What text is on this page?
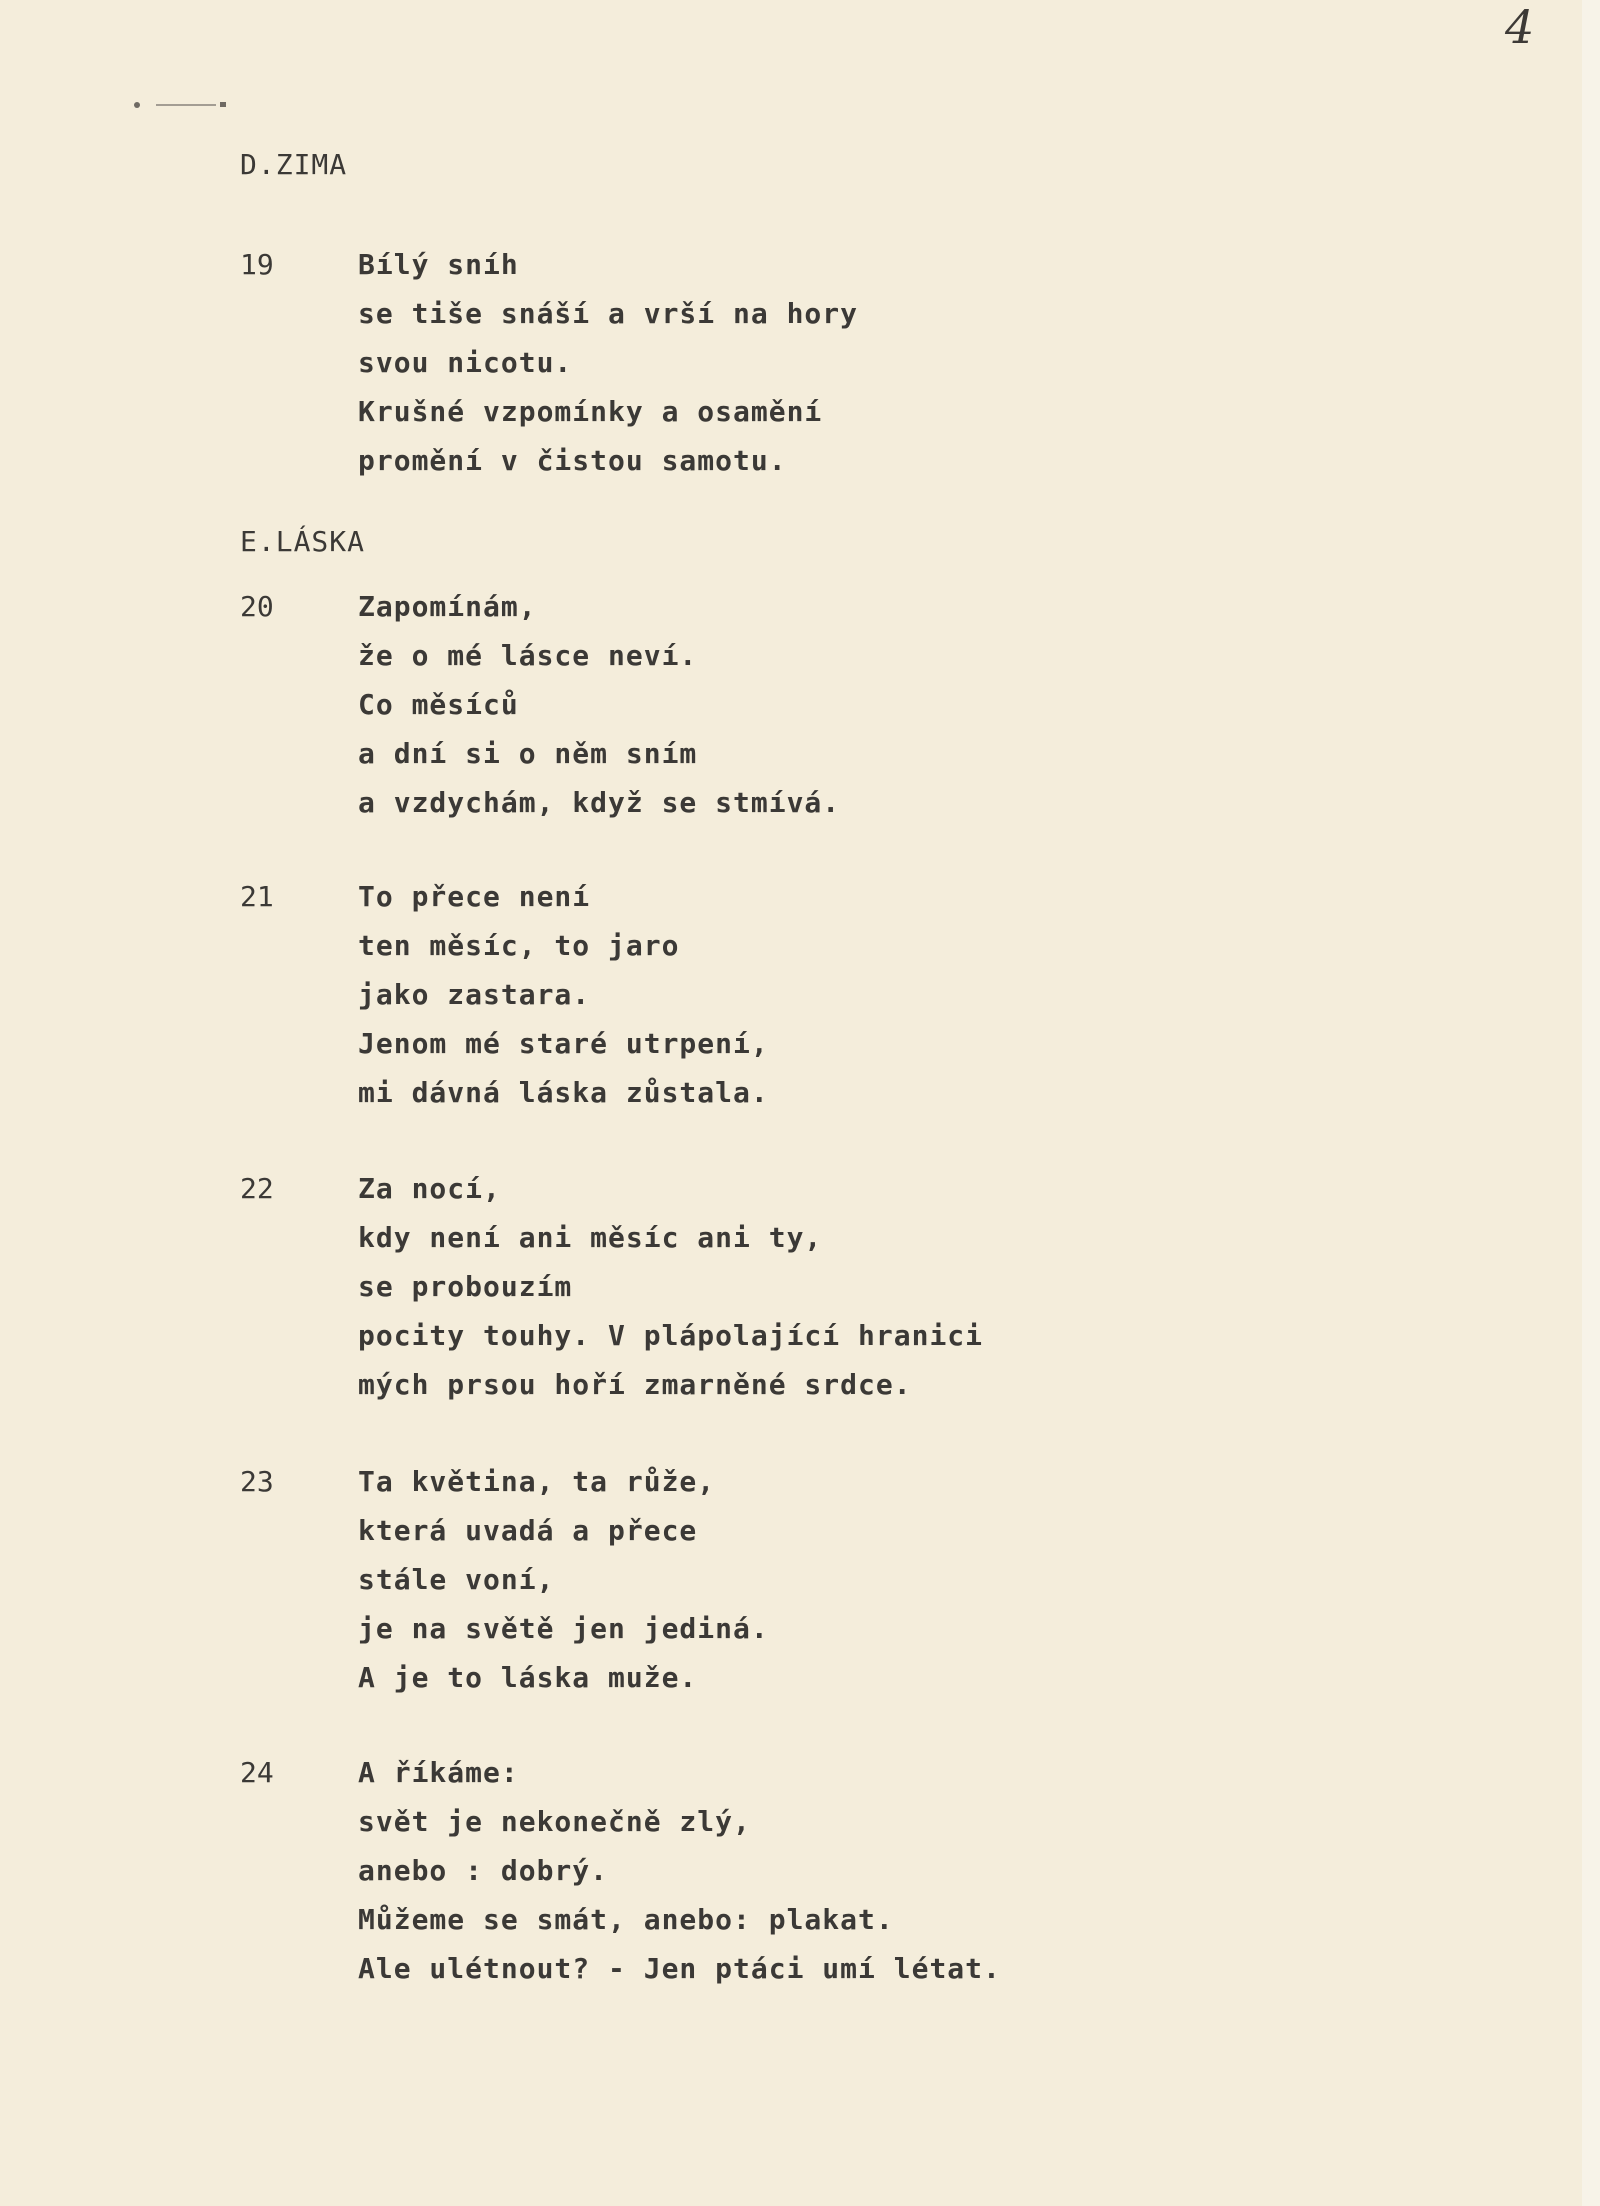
4
D.ZIMA
19	Bílý sníh
se tiše snáší a vrší na hory
svou nicotu.
Krušné vzpomínky a osamění
promění v čistou samotu.
E.LÁSKA
20	Zapomínám,
že o mé lásce neví.
Co měsíců
a dní si o něm sním
a vzdychám, když se stmívá.
21	To přece není
ten měsíc, to jaro
jako zastara.
Jenom mé staré utrpení,
mi dávná láska zůstala.
22	Za nocí,
kdy není ani měsíc ani ty,
se probouzím
pocity touhy. V plápolající hranici
mých prsou hoří zmarněné srdce.
23	Ta květina, ta růže,
která uvadá a přece
stále voní,
je na světě jen jediná.
A je to láska muže.
24	A říkáme:
svět je nekonečně zlý,
anebo : dobrý.
Můžeme se smát, anebo: plakat.
Ale ulétnout? - Jen ptáci umí létat.
